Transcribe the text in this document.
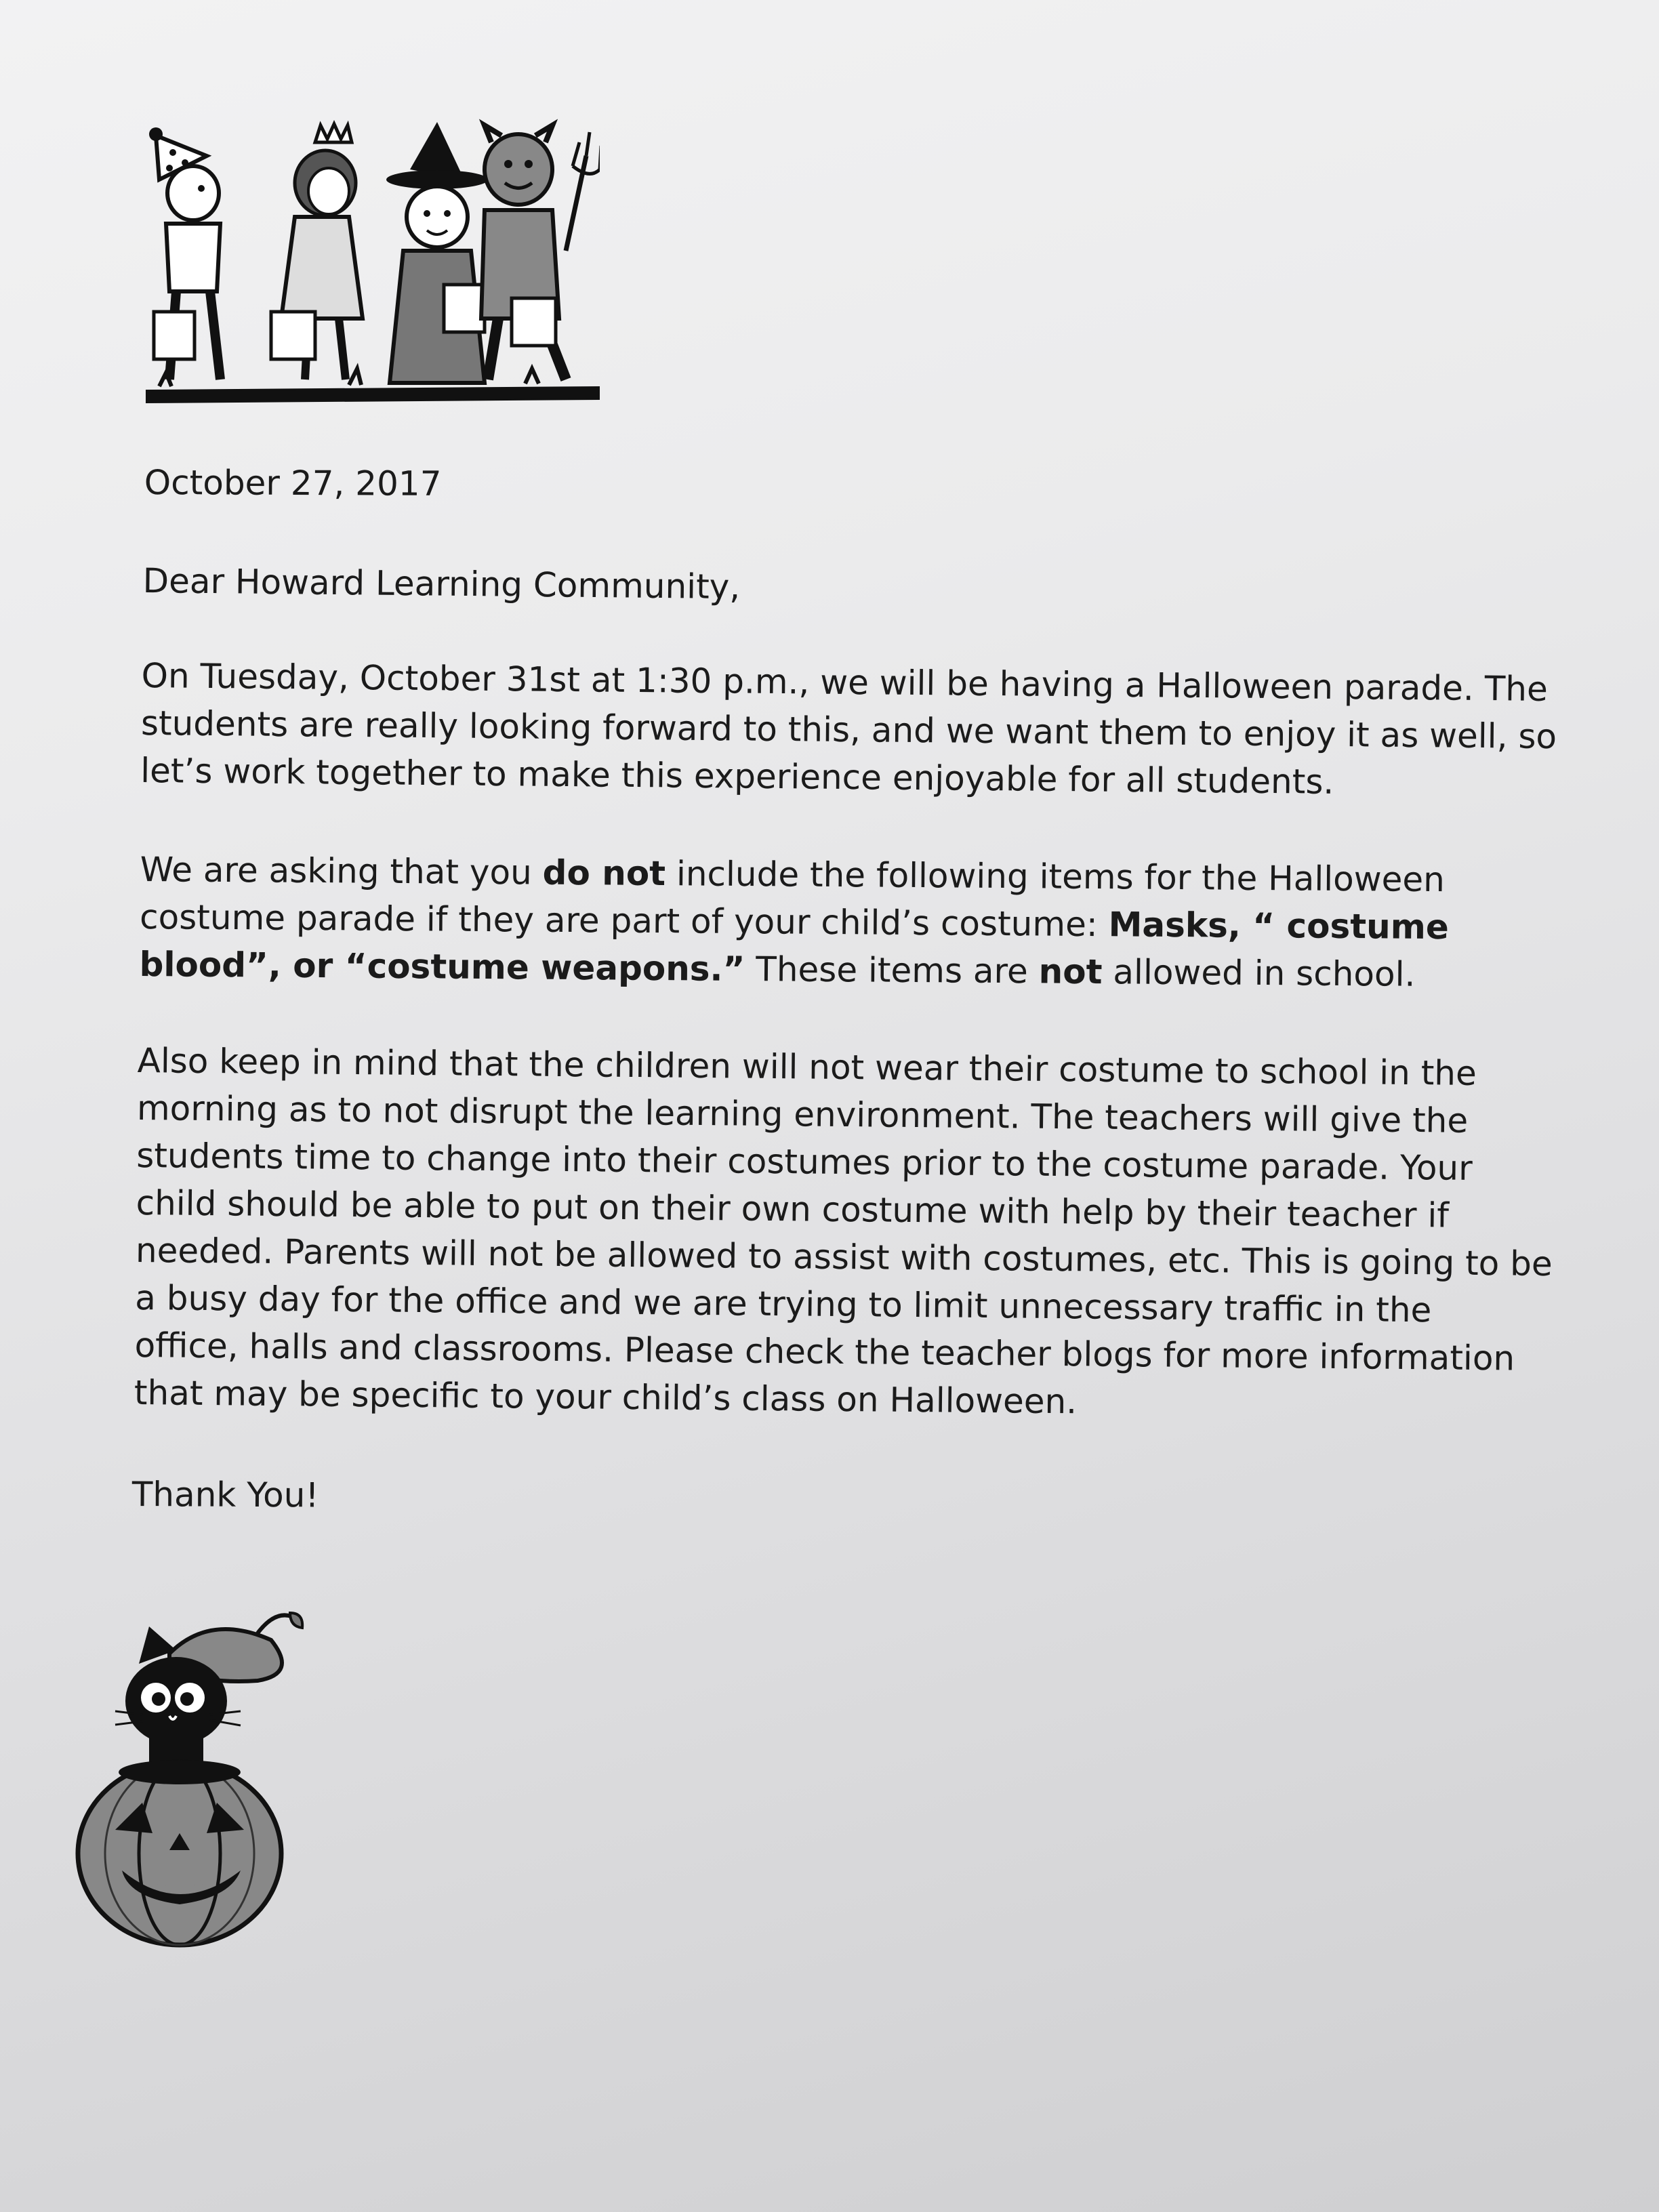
October 27, 2017
Dear Howard Learning Community,
On Tuesday, October 31st at 1:30 p.m., we will be having a Halloween parade. The
students are really looking forward to this, and we want them to enjoy it as well, so
let’s work together to make this experience enjoyable for all students.
We are asking that you do not include the following items for the Halloween
costume parade if they are part of your child’s costume: Masks, “ costume
blood”, or “costume weapons.” These items are not allowed in school.
Also keep in mind that the children will not wear their costume to school in the
morning as to not disrupt the learning environment. The teachers will give the
students time to change into their costumes prior to the costume parade. Your
child should be able to put on their own costume with help by their teacher if
needed. Parents will not be allowed to assist with costumes, etc. This is going to be
a busy day for the office and we are trying to limit unnecessary traffic in the
office, halls and classrooms. Please check the teacher blogs for more information
that may be specific to your child’s class on Halloween.
Thank You!
